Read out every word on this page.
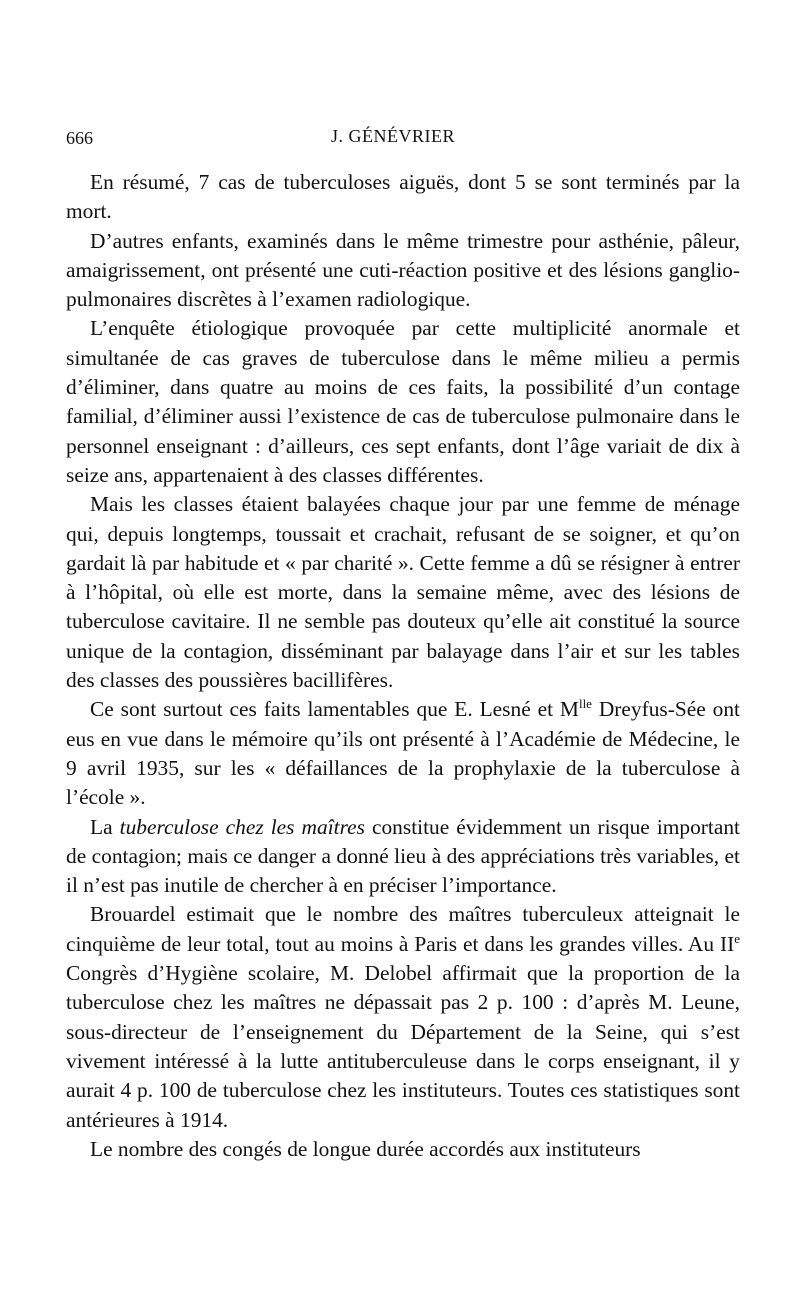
666	J. GÉNÉVRIER

En résumé, 7 cas de tuberculoses aiguës, dont 5 se sont terminés par la mort.

D’autres enfants, examinés dans le même trimestre pour asthénie, pâleur, amaigrissement, ont présenté une cuti-réaction positive et des lésions ganglio-pulmonaires discrètes à l’examen radiologique.

L’enquête étiologique provoquée par cette multiplicité anormale et simultanée de cas graves de tuberculose dans le même milieu a permis d’éliminer, dans quatre au moins de ces faits, la possibilité d’un contage familial, d’éliminer aussi l’existence de cas de tuberculose pulmonaire dans le personnel enseignant : d’ailleurs, ces sept enfants, dont l’âge variait de dix à seize ans, appartenaient à des classes différentes.

Mais les classes étaient balayées chaque jour par une femme de ménage qui, depuis longtemps, toussait et crachait, refusant de se soigner, et qu’on gardait là par habitude et « par charité ». Cette femme a dû se résigner à entrer à l’hôpital, où elle est morte, dans la semaine même, avec des lésions de tuberculose cavitaire. Il ne semble pas douteux qu’elle ait constitué la source unique de la contagion, disséminant par balayage dans l’air et sur les tables des classes des poussières bacillifères.

Ce sont surtout ces faits lamentables que E. Lesné et $M^{lle}$ Dreyfus-Sée ont eus en vue dans le mémoire qu’ils ont présenté à l’Académie de Médecine, le 9 avril 1935, sur les « défaillances de la prophylaxie de la tuberculose à l’école ».

La tuberculose chez les maîtres constitue évidemment un risque important de contagion; mais ce danger a donné lieu à des appréciations très variables, et il n’est pas inutile de chercher à en préciser l’importance.

Brouardel estimait que le nombre des maîtres tuberculeux atteignait le cinquième de leur total, tout au moins à Paris et dans les grandes villes. Au IIe Congrès d’Hygiène scolaire, M. Delobel affirmait que la proportion de la tuberculose chez les maîtres ne dépassait pas 2 p. 100 : d’après M. Leune, sous-directeur de l’enseignement du Département de la Seine, qui s’est vivement intéressé à la lutte antituberculeuse dans le corps enseignant, il y aurait 4 p. 100 de tuberculose chez les instituteurs. Toutes ces statistiques sont antérieures à 1914.

Le nombre des congés de longue durée accordés aux instituteurs
